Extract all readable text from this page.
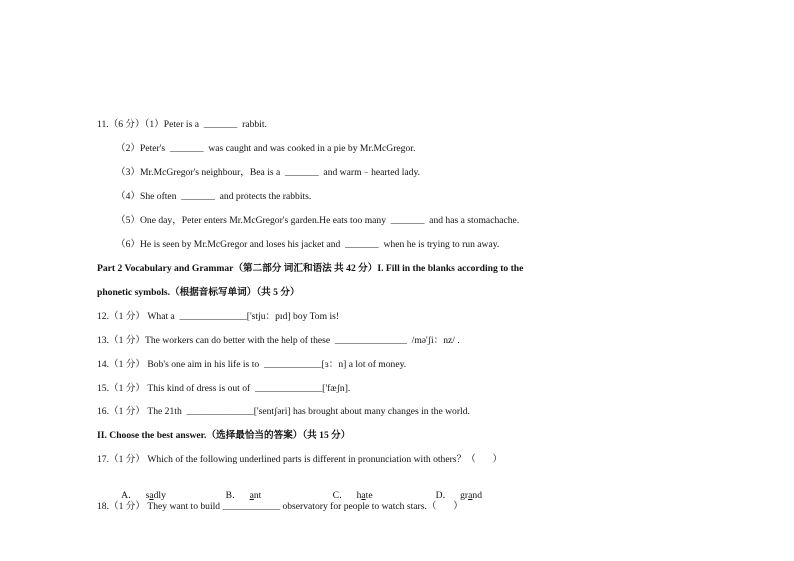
11.（6 分）（1）Peter is a  _______  rabbit.
（2）Peter's  _______  was caught and was cooked in a pie by Mr.McGregor.
（3）Mr.McGregor's neighbour，Bea is a  _______  and warm﹣hearted lady.
（4）She often  _______  and protects the rabbits.
（5）One day，Peter enters Mr.McGregor's garden.He eats too many  _______  and has a stomachache.
（6）He is seen by Mr.McGregor and loses his jacket and  _______  when he is trying to run away.
Part 2 Vocabulary and Grammar（第二部分 词汇和语法 共 42 分）I. Fill in the blanks according to the
phonetic symbols.（根据音标写单词）（共 5 分）
12.（1 分） What a  ______________['stju：pɪd] boy Tom is!
13.（1 分）The workers can do better with the help of these  _______________  /mə'ʃi：nz/ .
14.（1 分） Bob's one aim in his life is to  ____________[ɜ：n] a lot of money.
15.（1 分） This kind of dress is out of  ______________['fæʃn].
16.（1 分） The 21th  ______________['sentʃəri] has brought about many changes in the world.
II. Choose the best answer.（选择最恰当的答案）（共 15 分）
17.（1 分） Which of the following underlined parts is different in pronunciation with others？（       ）

A． sadly
	B． ant
	C． hate
	D． grand

18.（1 分） They want to build ____________ observatory for people to watch stars.（       ）
